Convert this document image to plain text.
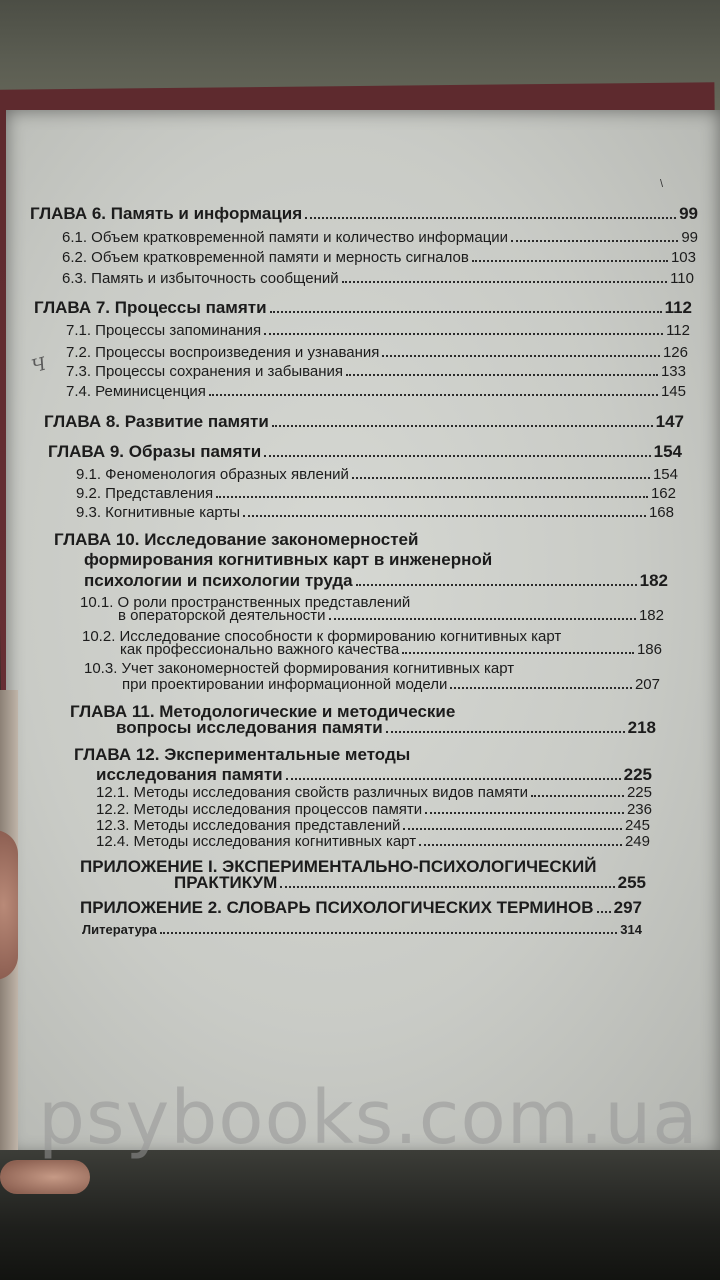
\
ГЛАВА 6. Память и информация	99
6.1. Объем кратковременной памяти и количество информации	99
6.2. Объем кратковременной памяти и мерность сигналов	103
6.3. Память и избыточность сообщений	110
ГЛАВА 7. Процессы памяти	112
7.1. Процессы запоминания	112
7.2. Процессы воспроизведения и узнавания	126
7.3. Процессы сохранения и забывания	133
7.4. Реминисценция	145
Ч
ГЛАВА 8. Развитие памяти	147
ГЛАВА 9. Образы памяти	154
9.1. Феноменология образных явлений	154
9.2. Представления	162
9.3. Когнитивные карты	168
ГЛАВА 10. Исследование закономерностей
формирования когнитивных карт в инженерной
психологии и психологии труда	182
10.1. О роли пространственных представлений
в операторской деятельности	182
10.2. Исследование способности к формированию когнитивных карт
как профессионально важного качества	186
10.3. Учет закономерностей формирования когнитивных карт
при проектировании информационной модели	207
ГЛАВА 11. Методологические и методические
вопросы исследования памяти	218
ГЛАВА 12. Экспериментальные методы
исследования памяти	225
12.1. Методы исследования свойств различных видов памяти	225
12.2. Методы исследования процессов памяти	236
12.3. Методы исследования представлений	245
12.4. Методы исследования когнитивных карт	249
ПРИЛОЖЕНИЕ I. ЭКСПЕРИМЕНТАЛЬНО-ПСИХОЛОГИЧЕСКИЙ
ПРАКТИКУМ	255
ПРИЛОЖЕНИЕ 2. СЛОВАРЬ ПСИХОЛОГИЧЕСКИХ ТЕРМИНОВ 297
Литература	314
psybooks.com.ua
